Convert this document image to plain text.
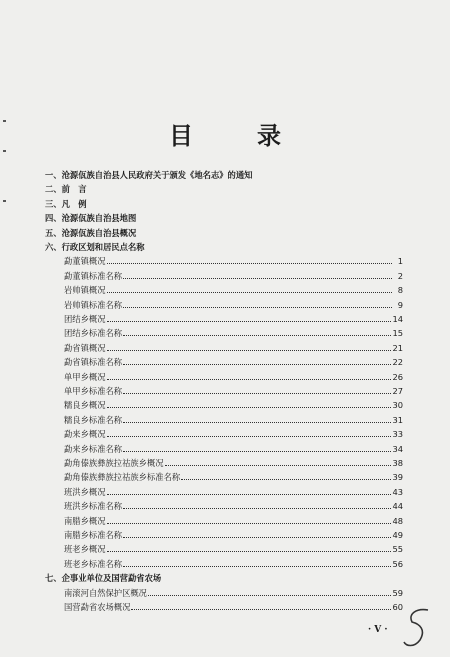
目	录
· V ·
一、沧源佤族自治县人民政府关于颁发《地名志》的通知
二、前　言
三、凡　例
四、沧源佤族自治县地图
五、沧源佤族自治县概况
六、行政区划和居民点名称
勐董镇概况	1
勐董镇标准名称	2
岩帅镇概况	8
岩帅镇标准名称	9
团结乡概况	14
团结乡标准名称	15
勐省镇概况	21
勐省镇标准名称	22
单甲乡概况	26
单甲乡标准名称	27
糯良乡概况	30
糯良乡标准名称	31
勐来乡概况	33
勐来乡标准名称	34
勐角傣族彝族拉祜族乡概况	38
勐角傣族彝族拉祜族乡标准名称	39
班洪乡概况	43
班洪乡标准名称	44
南腊乡概况	48
南腊乡标准名称	49
班老乡概况	55
班老乡标准名称	56
七、企事业单位及国营勐省农场
南滚河自然保护区概况	59
国营勐省农场概况	60
